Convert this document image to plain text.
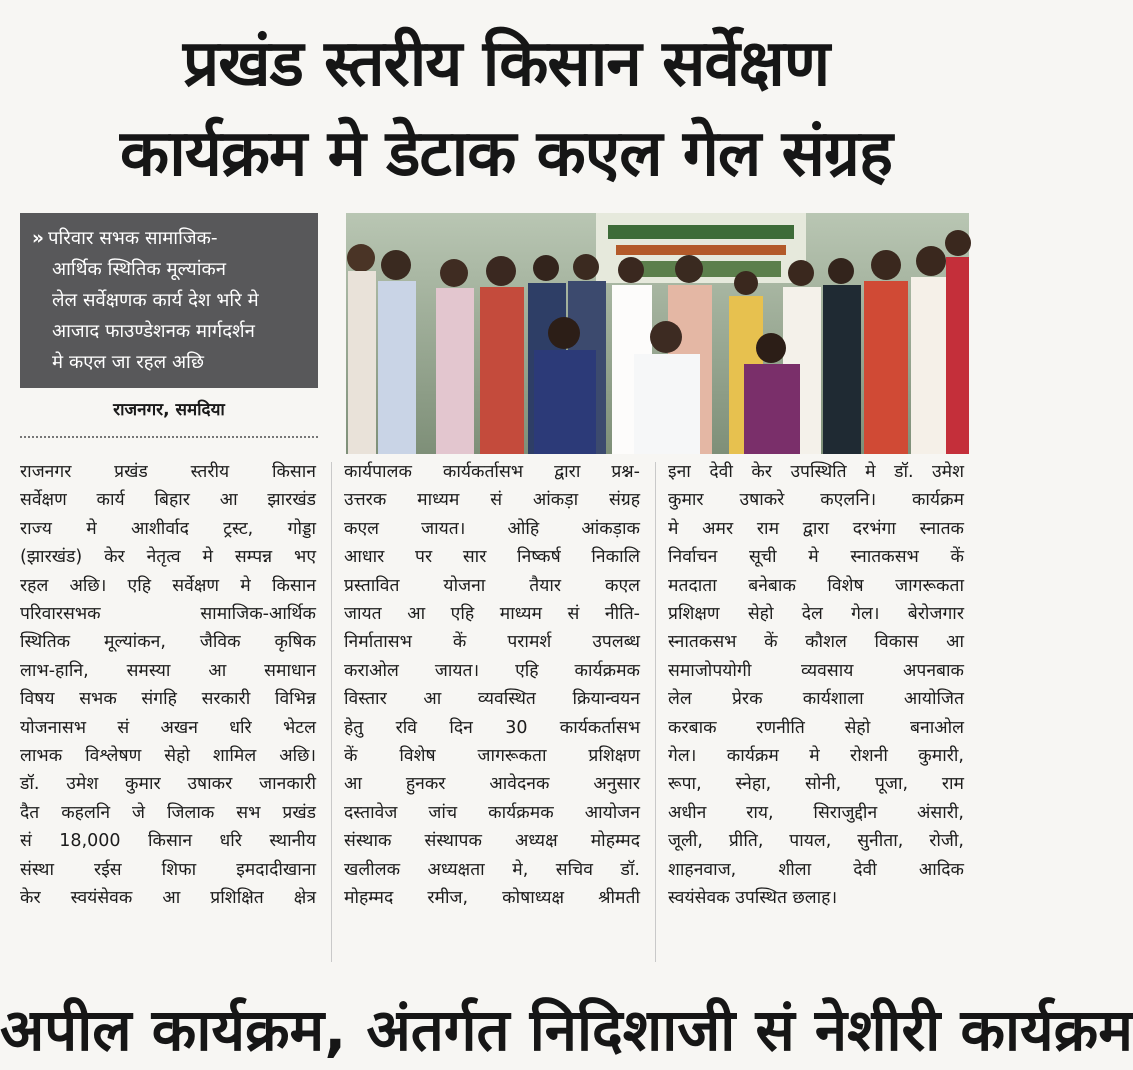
प्रखंड स्तरीय किसान सर्वेक्षण
कार्यक्रम मे डेटाक कएल गेल संग्रह
» परिवार सभक सामाजिक-
आर्थिक स्थितिक मूल्यांकन
लेल सर्वेक्षणक कार्य देश भरि मे
आजाद फाउण्डेशनक मार्गदर्शन
मे कएल जा रहल अछि
राजनगर, समदिया
राजनगर प्रखंड स्तरीय किसान
सर्वेक्षण कार्य बिहार आ झारखंड
राज्य मे आशीर्वाद ट्रस्ट, गोड्डा
(झारखंड) केर नेतृत्व मे सम्पन्न भए
रहल अछि। एहि सर्वेक्षण मे किसान
परिवारसभक सामाजिक-आर्थिक
स्थितिक मूल्यांकन, जैविक कृषिक
लाभ-हानि, समस्या आ समाधान
विषय सभक संगहि सरकारी विभिन्न
योजनासभ सं अखन धरि भेटल
लाभक विश्लेषण सेहो शामिल अछि।
डॉ. उमेश कुमार उषाकर जानकारी
दैत कहलनि जे जिलाक सभ प्रखंड
सं 18,000 किसान धरि स्थानीय
संस्था रईस शिफा इमदादीखाना
केर स्वयंसेवक आ प्रशिक्षित क्षेत्र
कार्यपालक कार्यकर्तासभ द्वारा प्रश्न-
उत्तरक माध्यम सं आंकड़ा संग्रह
कएल जायत। ओहि आंकड़ाक
आधार पर सार निष्कर्ष निकालि
प्रस्तावित योजना तैयार कएल
जायत आ एहि माध्यम सं नीति-
निर्मातासभ कें परामर्श उपलब्ध
कराओल जायत। एहि कार्यक्रमक
विस्तार आ व्यवस्थित क्रियान्वयन
हेतु रवि दिन 30 कार्यकर्तासभ
कें विशेष जागरूकता प्रशिक्षण
आ हुनकर आवेदनक अनुसार
दस्तावेज जांच कार्यक्रमक आयोजन
संस्थाक संस्थापक अध्यक्ष मोहम्मद
खलीलक अध्यक्षता मे, सचिव डॉ.
मोहम्मद रमीज, कोषाध्यक्ष श्रीमती
इना देवी केर उपस्थिति मे डॉ. उमेश
कुमार उषाकरे कएलनि। कार्यक्रम
मे अमर राम द्वारा दरभंगा स्नातक
निर्वाचन सूची मे स्नातकसभ कें
मतदाता बनेबाक विशेष जागरूकता
प्रशिक्षण सेहो देल गेल। बेरोजगार
स्नातकसभ कें कौशल विकास आ
समाजोपयोगी व्यवसाय अपनबाक
लेल प्रेरक कार्यशाला आयोजित
करबाक रणनीति सेहो बनाओल
गेल। कार्यक्रम मे रोशनी कुमारी,
रूपा, स्नेहा, सोनी, पूजा, राम
अधीन राय, सिराजुद्दीन अंसारी,
जूली, प्रीति, पायल, सुनीता, रोजी,
शाहनवाज, शीला देवी आदिक
स्वयंसेवक उपस्थित छलाह।
अपील कार्यक्रम, अंतर्गत निदिशाजी सं नेशीरी कार्यक्रम
